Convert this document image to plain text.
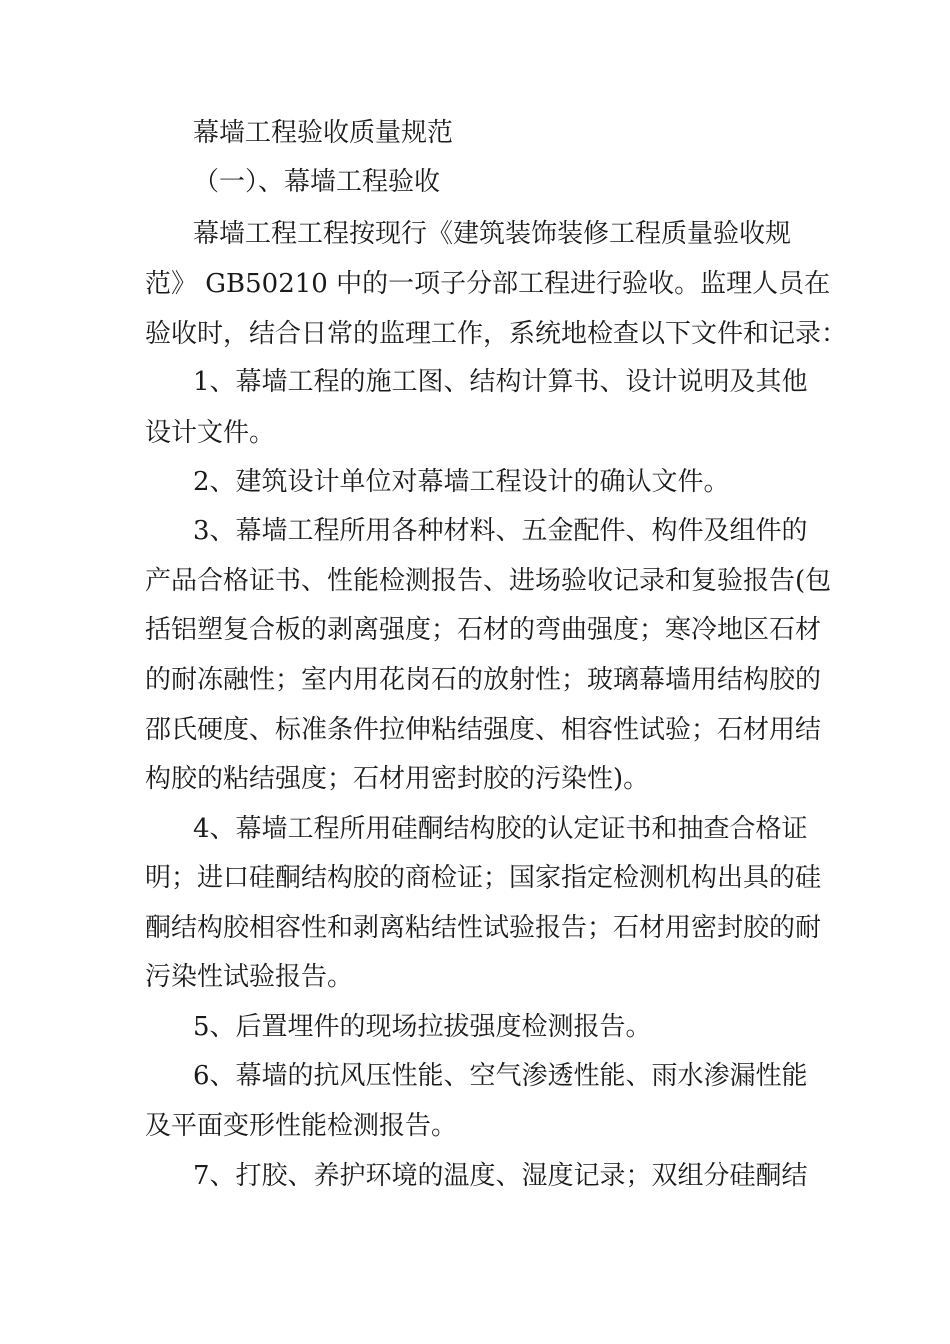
幕墙工程验收质量规范
（一）、幕墙工程验收
幕墙工程工程按现行《建筑装饰装修工程质量验收规
范》 GB50210 中的一项子分部工程进行验收。监理人员在
验收时，结合日常的监理工作，系统地检查以下文件和记录：
1、幕墙工程的施工图、结构计算书、设计说明及其他
设计文件。
2、建筑设计单位对幕墙工程设计的确认文件。
3、幕墙工程所用各种材料、五金配件、构件及组件的
产品合格证书、性能检测报告、进场验收记录和复验报告(包
括铝塑复合板的剥离强度；石材的弯曲强度；寒冷地区石材
的耐冻融性；室内用花岗石的放射性；玻璃幕墙用结构胶的
邵氏硬度、标准条件拉伸粘结强度、相容性试验；石材用结
构胶的粘结强度；石材用密封胶的污染性)。
4、幕墙工程所用硅酮结构胶的认定证书和抽查合格证
明；进口硅酮结构胶的商检证；国家指定检测机构出具的硅
酮结构胶相容性和剥离粘结性试验报告；石材用密封胶的耐
污染性试验报告。
5、后置埋件的现场拉拔强度检测报告。
6、幕墙的抗风压性能、空气渗透性能、雨水渗漏性能
及平面变形性能检测报告。
7、打胶、养护环境的温度、湿度记录；双组分硅酮结
